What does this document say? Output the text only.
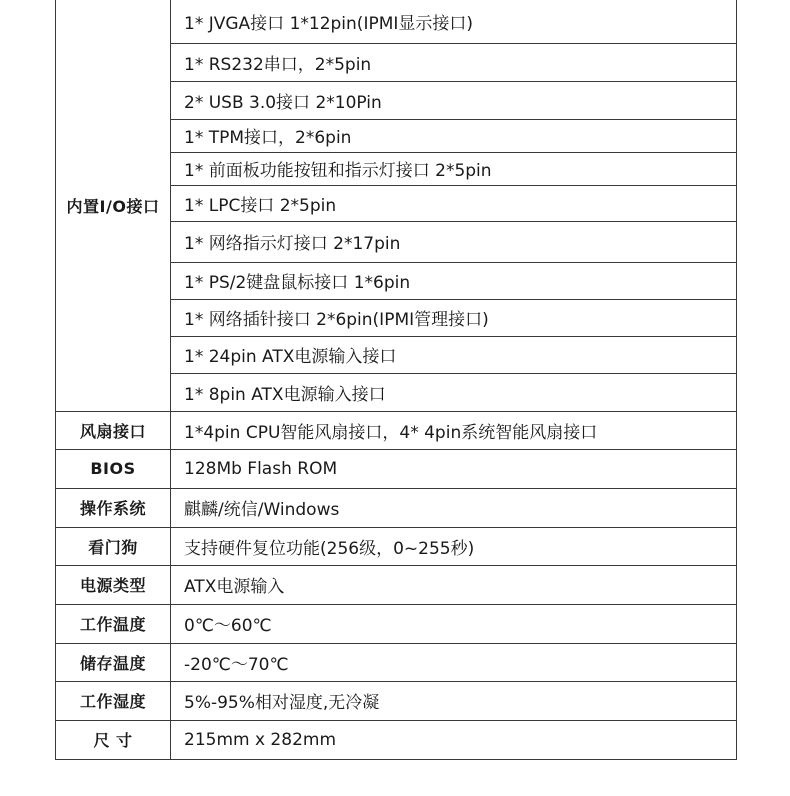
内置I/O接口	1* JVGA接口 1*12pin(IPMI显示接口)
	1* RS232串口，2*5pin
	2* USB 3.0接口 2*10Pin
	1* TPM接口，2*6pin
	1* 前面板功能按钮和指示灯接口 2*5pin
	1* LPC接口 2*5pin
	1* 网络指示灯接口 2*17pin
	1* PS/2键盘鼠标接口 1*6pin
	1* 网络插针接口 2*6pin(IPMI管理接口)
	1* 24pin ATX电源输入接口
	1* 8pin ATX电源输入接口
风扇接口	1*4pin CPU智能风扇接口，4* 4pin系统智能风扇接口
BIOS	128Mb Flash ROM
操作系统	麒麟/统信/Windows
看门狗	支持硬件复位功能(256级，0~255秒)
电源类型	ATX电源输入
工作温度	0℃～60℃
储存温度	-20℃～70℃
工作湿度	5%-95%相对湿度,无冷凝
尺 寸	215mm x 282mm
